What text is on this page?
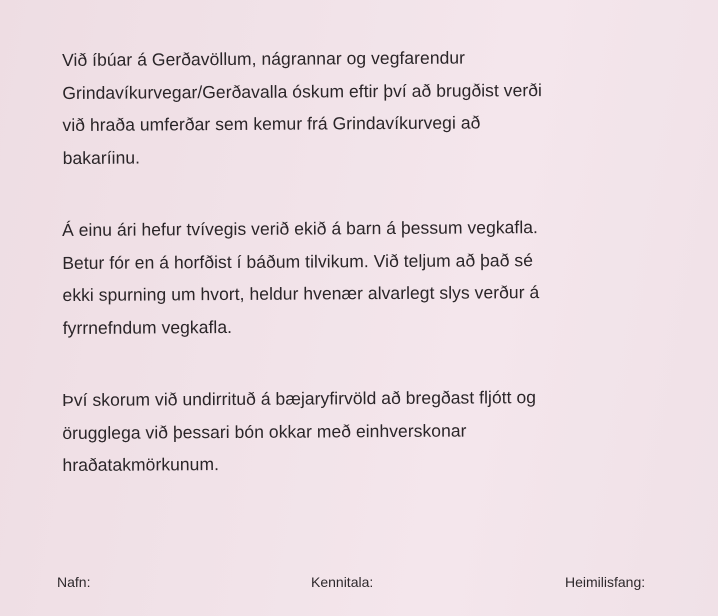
Við íbúar á Gerðavöllum, nágrannar og vegfarendur
Grindavíkurvegar/Gerðavalla óskum eftir því að brugðist verði
við hraða umferðar sem kemur frá Grindavíkurvegi að
bakaríinu.

Á einu ári hefur tvívegis verið ekið á barn á þessum vegkafla.
Betur fór en á horfðist í báðum tilvikum. Við teljum að það sé
ekki spurning um hvort, heldur hvenær alvarlegt slys verður á
fyrrnefndum vegkafla.

Því skorum við undirrituð á bæjaryfirvöld að bregðast fljótt og
örugglega við þessari bón okkar með einhverskonar
hraðatakmörkunum.

Nafn:	Kennitala:	Heimilisfang:
